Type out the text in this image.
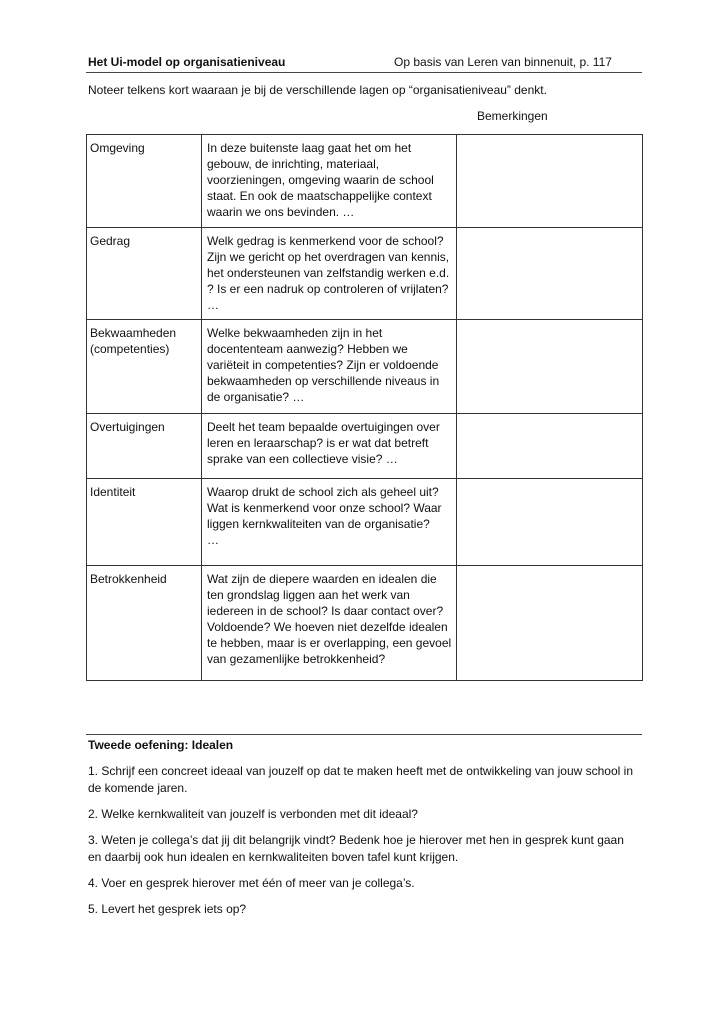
Het Ui-model op organisatieniveau	Op basis van Leren van binnenuit, p. 117
Noteer telkens kort waaraan je bij de verschillende lagen op “organisatieniveau” denkt.
Bemerkingen
Omgeving	In deze buitenste laag gaat het om het gebouw, de inrichting, materiaal, voorzieningen, omgeving waarin de school staat. En ook de maatschappelijke context waarin we ons bevinden. …	
Gedrag	Welk gedrag is kenmerkend voor de school? Zijn we gericht op het overdragen van kennis, het ondersteunen van zelfstandig werken e.d. ? Is er een nadruk op controleren of vrijlaten? …	
Bekwaamheden (competenties)	Welke bekwaamheden zijn in het docententeam aanwezig? Hebben we variëteit in competenties? Zijn er voldoende bekwaamheden op verschillende niveaus in de organisatie? …	
Overtuigingen	Deelt het team bepaalde overtuigingen over leren en leraarschap? is er wat dat betreft sprake van een collectieve visie? …	
Identiteit	Waarop drukt de school zich als geheel uit? Wat is kenmerkend voor onze school? Waar liggen kernkwaliteiten van de organisatie?
…	
Betrokkenheid	Wat zijn de diepere waarden en idealen die ten grondslag liggen aan het werk van iedereen in de school? Is daar contact over? Voldoende? We hoeven niet dezelfde idealen te hebben, maar is er overlapping, een gevoel van gezamenlijke betrokkenheid?	
Tweede oefening: Idealen

1. Schrijf een concreet ideaal van jouzelf op dat te maken heeft met de ontwikkeling van jouw school in de komende jaren.

2. Welke kernkwaliteit van jouzelf is verbonden met dit ideaal?

3. Weten je collega’s dat jij dit belangrijk vindt? Bedenk hoe je hierover met hen in gesprek kunt gaan en daarbij ook hun idealen en kernkwaliteiten boven tafel kunt krijgen.

4. Voer en gesprek hierover met één of meer van je collega’s.

5. Levert het gesprek iets op?
